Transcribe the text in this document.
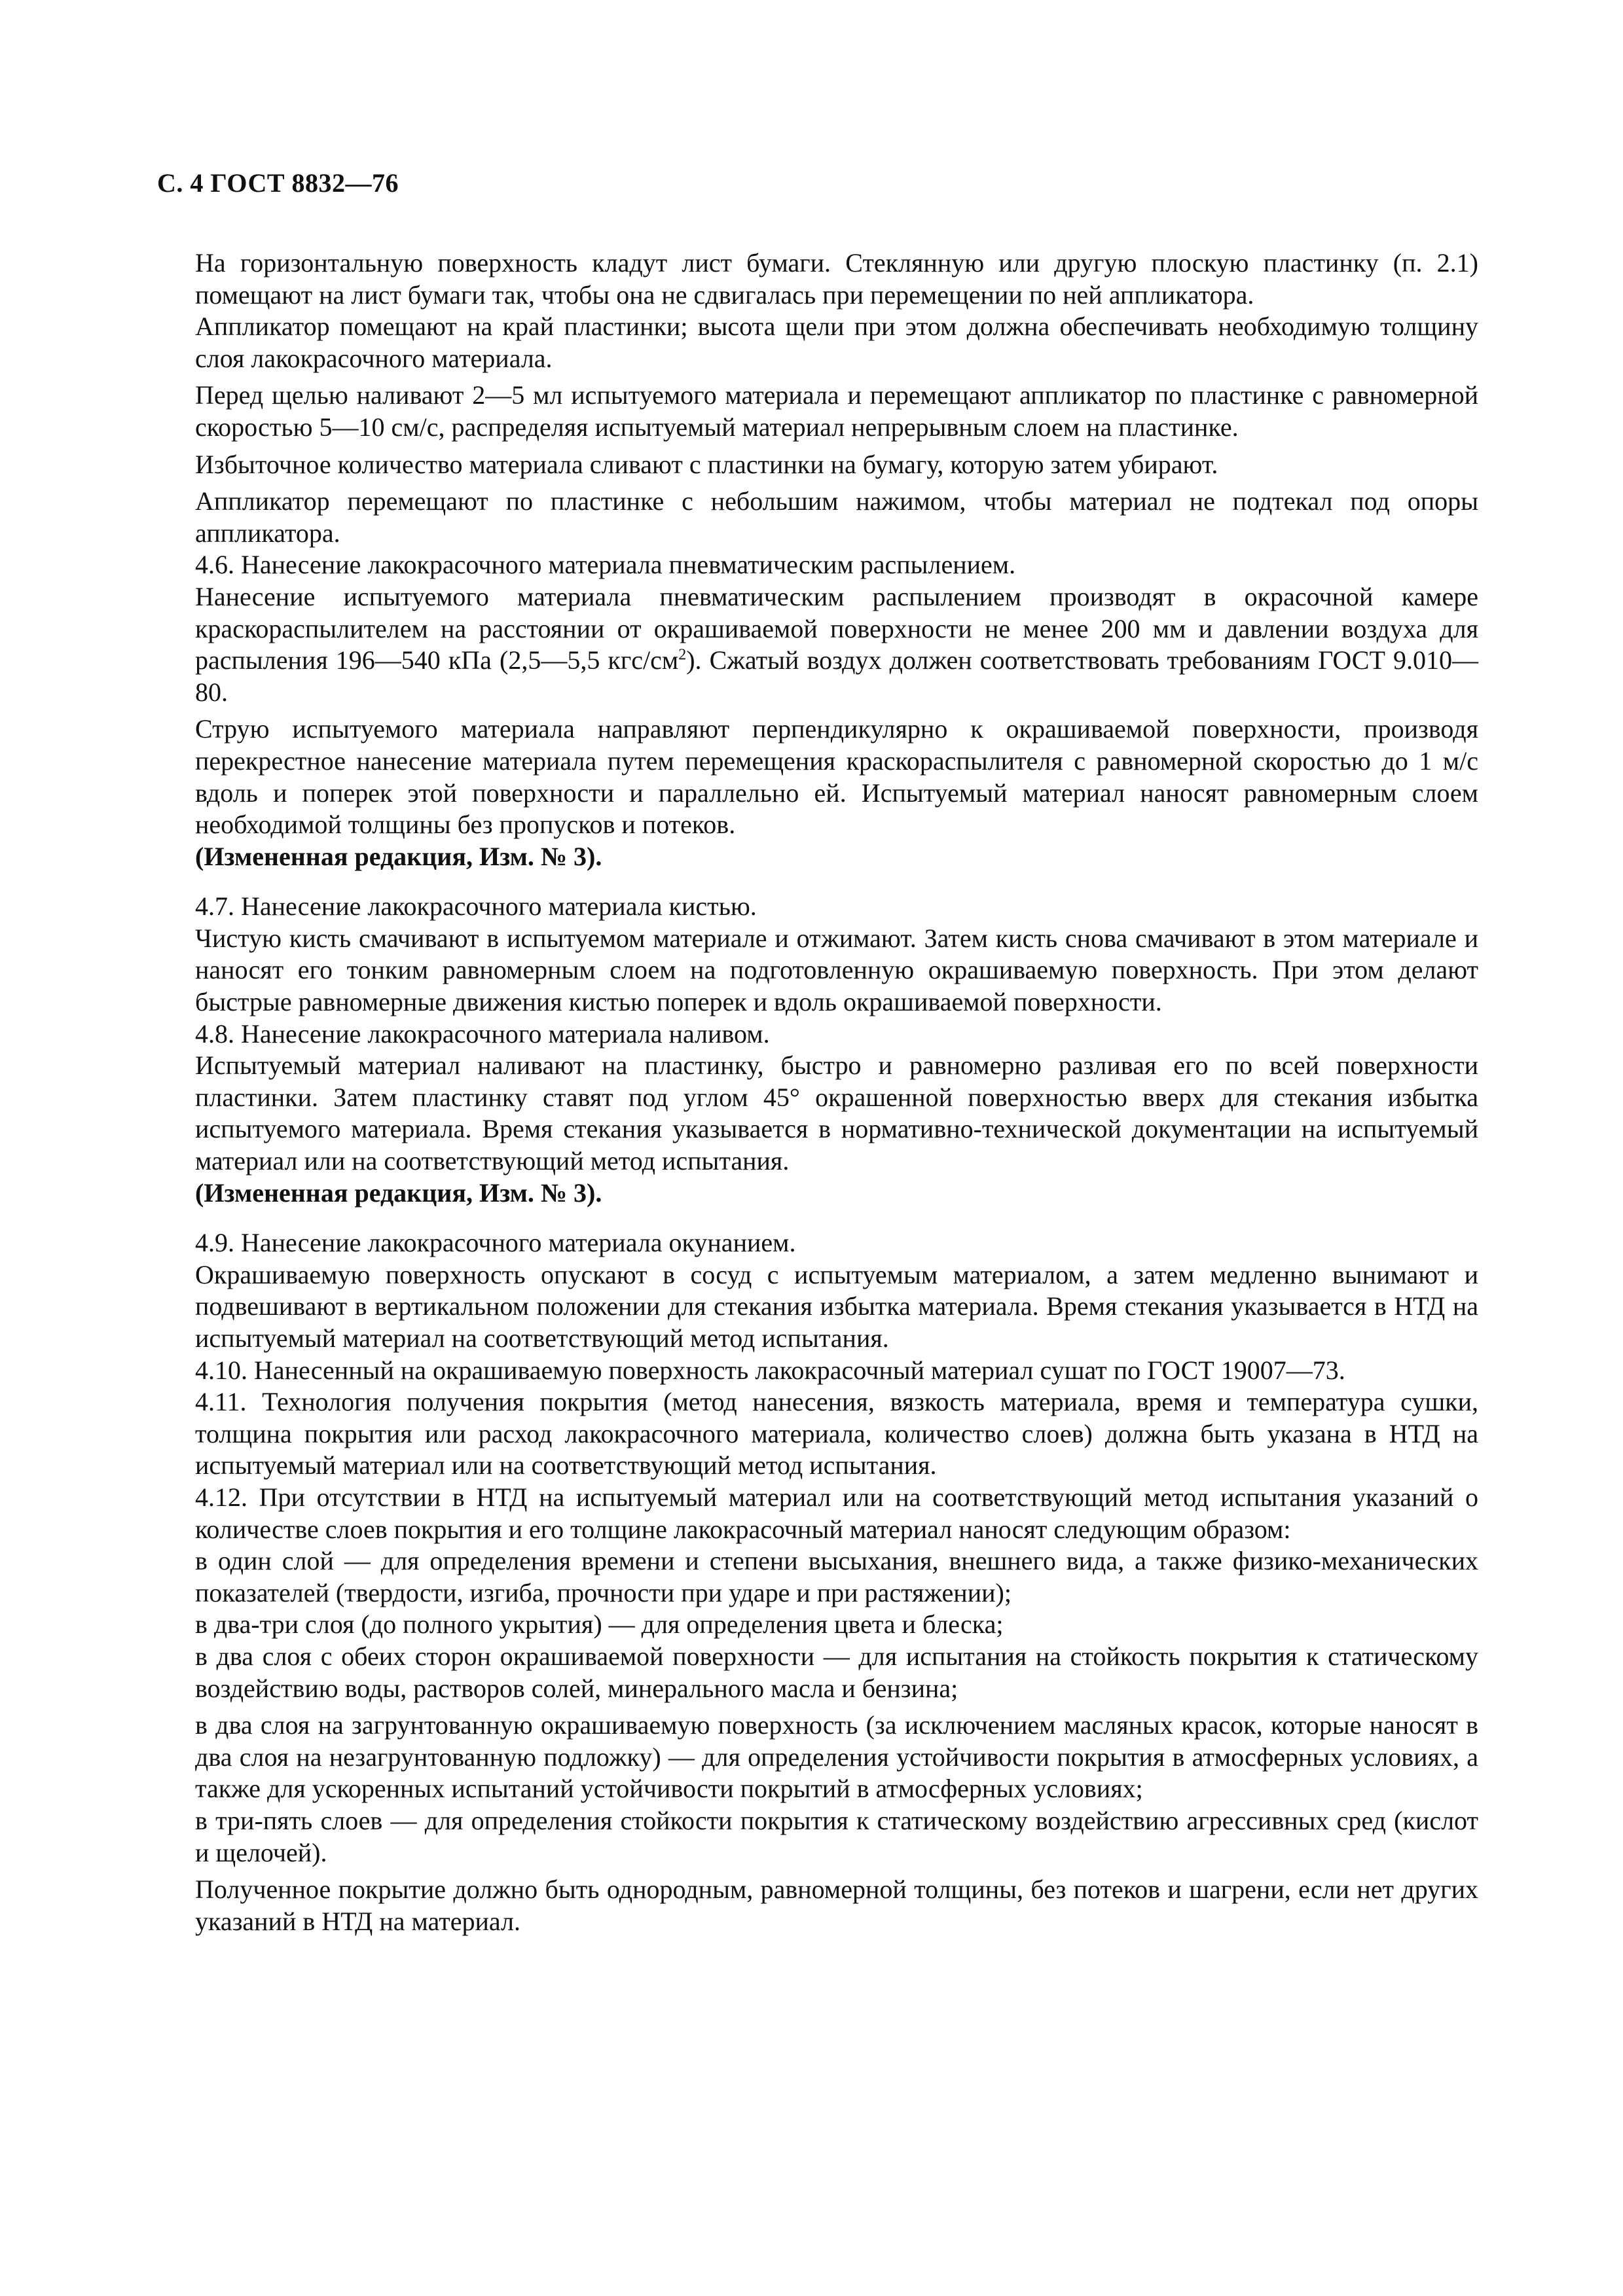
С. 4 ГОСТ 8832—76

На горизонтальную поверхность кладут лист бумаги. Стеклянную или другую плоскую пластинку (п. 2.1) помещают на лист бумаги так, чтобы она не сдвигалась при перемещении по ней аппликатора.

Аппликатор помещают на край пластинки; высота щели при этом должна обеспечивать необходимую толщину слоя лакокрасочного материала.

Перед щелью наливают 2—5 мл испытуемого материала и перемещают аппликатор по пластинке с равномерной скоростью 5—10 см/с, распределяя испытуемый материал непрерывным слоем на пластинке.

Избыточное количество материала сливают с пластинки на бумагу, которую затем убирают.

Аппликатор перемещают по пластинке с небольшим нажимом, чтобы материал не подтекал под опоры аппликатора.

4.6. Нанесение лакокрасочного материала пневматическим распылением.

Нанесение испытуемого материала пневматическим распылением производят в окрасочной камере краскораспылителем на расстоянии от окрашиваемой поверхности не менее 200 мм и давлении воздуха для распыления 196—540 кПа (2,5—5,5 кгс/$см^2$). Сжатый воздух должен соответствовать требованиям ГОСТ 9.010—80.

Струю испытуемого материала направляют перпендикулярно к окрашиваемой поверхности, производя перекрестное нанесение материала путем перемещения краскораспылителя с равномерной скоростью до 1 м/с вдоль и поперек этой поверхности и параллельно ей. Испытуемый материал наносят равномерным слоем необходимой толщины без пропусков и потеков.

(Измененная редакция, Изм. № 3).

4.7. Нанесение лакокрасочного материала кистью.

Чистую кисть смачивают в испытуемом материале и отжимают. Затем кисть снова смачивают в этом материале и наносят его тонким равномерным слоем на подготовленную окрашиваемую поверхность. При этом делают быстрые равномерные движения кистью поперек и вдоль окрашиваемой поверхности.

4.8. Нанесение лакокрасочного материала наливом.

Испытуемый материал наливают на пластинку, быстро и равномерно разливая его по всей поверхности пластинки. Затем пластинку ставят под углом 45° окрашенной поверхностью вверх для стекания избытка испытуемого материала. Время стекания указывается в нормативно-технической документации на испытуемый материал или на соответствующий метод испытания.

(Измененная редакция, Изм. № 3).

4.9. Нанесение лакокрасочного материала окунанием.

Окрашиваемую поверхность опускают в сосуд с испытуемым материалом, а затем медленно вынимают и подвешивают в вертикальном положении для стекания избытка материала. Время стекания указывается в НТД на испытуемый материал на соответствующий метод испытания.

4.10. Нанесенный на окрашиваемую поверхность лакокрасочный материал сушат по ГОСТ 19007—73.

4.11. Технология получения покрытия (метод нанесения, вязкость материала, время и температура сушки, толщина покрытия или расход лакокрасочного материала, количество слоев) должна быть указана в НТД на испытуемый материал или на соответствующий метод испытания.

4.12. При отсутствии в НТД на испытуемый материал или на соответствующий метод испытания указаний о количестве слоев покрытия и его толщине лакокрасочный материал наносят следующим образом:

в один слой — для определения времени и степени высыхания, внешнего вида, а также физико-механических показателей (твердости, изгиба, прочности при ударе и при растяжении);

в два-три слоя (до полного укрытия) — для определения цвета и блеска;

в два слоя с обеих сторон окрашиваемой поверхности — для испытания на стойкость покрытия к статическому воздействию воды, растворов солей, минерального масла и бензина;

в два слоя на загрунтованную окрашиваемую поверхность (за исключением масляных красок, которые наносят в два слоя на незагрунтованную подложку) — для определения устойчивости покрытия в атмосферных условиях, а также для ускоренных испытаний устойчивости покрытий в атмосферных условиях;

в три-пять слоев — для определения стойкости покрытия к статическому воздействию агрессивных сред (кислот и щелочей).

Полученное покрытие должно быть однородным, равномерной толщины, без потеков и шагрени, если нет других указаний в НТД на материал.
